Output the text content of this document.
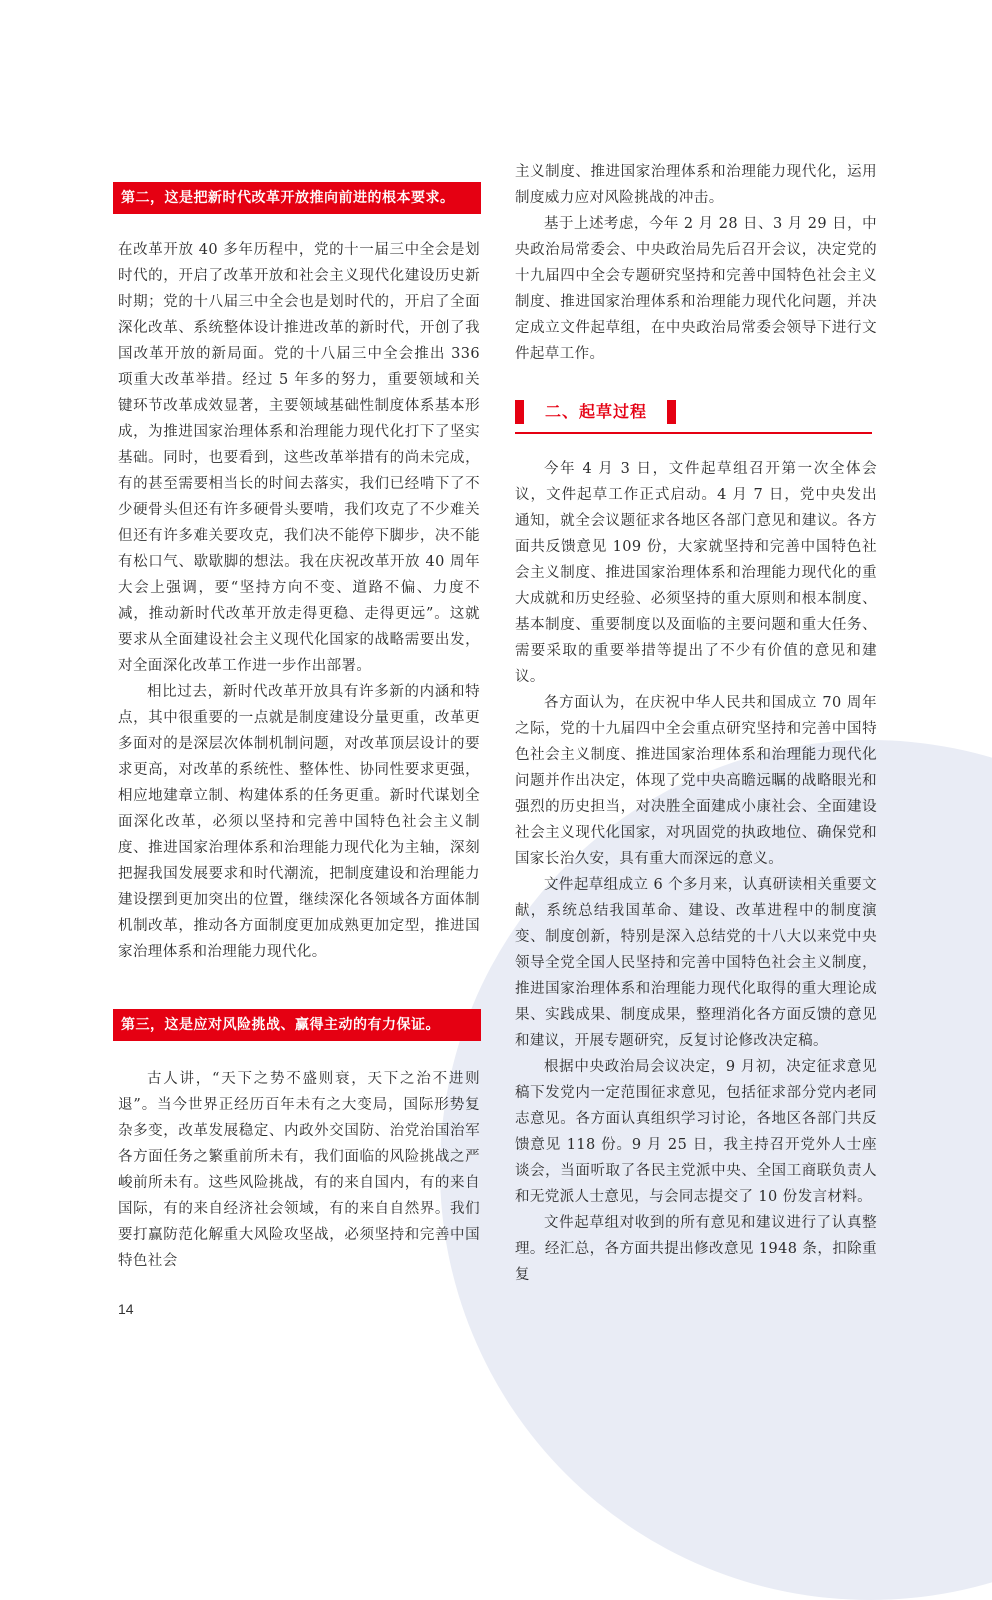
第二，这是把新时代改革开放推向前进的根本要求。

在改革开放 40 多年历程中，党的十一届三中全会是划时代的，开启了改革开放和社会主义现代化建设历史新时期；党的十八届三中全会也是划时代的，开启了全面深化改革、系统整体设计推进改革的新时代，开创了我国改革开放的新局面。党的十八届三中全会推出 336 项重大改革举措。经过 5 年多的努力，重要领域和关键环节改革成效显著，主要领域基础性制度体系基本形成，为推进国家治理体系和治理能力现代化打下了坚实基础。同时，也要看到，这些改革举措有的尚未完成，有的甚至需要相当长的时间去落实，我们已经啃下了不少硬骨头但还有许多硬骨头要啃，我们攻克了不少难关但还有许多难关要攻克，我们决不能停下脚步，决不能有松口气、歇歇脚的想法。我在庆祝改革开放 40 周年大会上强调，要“坚持方向不变、道路不偏、力度不减，推动新时代改革开放走得更稳、走得更远”。这就要求从全面建设社会主义现代化国家的战略需要出发，对全面深化改革工作进一步作出部署。

相比过去，新时代改革开放具有许多新的内涵和特点，其中很重要的一点就是制度建设分量更重，改革更多面对的是深层次体制机制问题，对改革顶层设计的要求更高，对改革的系统性、整体性、协同性要求更强，相应地建章立制、构建体系的任务更重。新时代谋划全面深化改革，必须以坚持和完善中国特色社会主义制度、推进国家治理体系和治理能力现代化为主轴，深刻把握我国发展要求和时代潮流，把制度建设和治理能力建设摆到更加突出的位置，继续深化各领域各方面体制机制改革，推动各方面制度更加成熟更加定型，推进国家治理体系和治理能力现代化。

第三，这是应对风险挑战、赢得主动的有力保证。

古人讲，“天下之势不盛则衰，天下之治不进则退”。当今世界正经历百年未有之大变局，国际形势复杂多变，改革发展稳定、内政外交国防、治党治国治军各方面任务之繁重前所未有，我们面临的风险挑战之严峻前所未有。这些风险挑战，有的来自国内，有的来自国际，有的来自经济社会领域，有的来自自然界。我们要打赢防范化解重大风险攻坚战，必须坚持和完善中国特色社会

主义制度、推进国家治理体系和治理能力现代化，运用制度威力应对风险挑战的冲击。

基于上述考虑，今年 2 月 28 日、3 月 29 日，中央政治局常委会、中央政治局先后召开会议，决定党的十九届四中全会专题研究坚持和完善中国特色社会主义制度、推进国家治理体系和治理能力现代化问题，并决定成立文件起草组，在中央政治局常委会领导下进行文件起草工作。

二、起草过程

今年 4 月 3 日，文件起草组召开第一次全体会议，文件起草工作正式启动。4 月 7 日，党中央发出通知，就全会议题征求各地区各部门意见和建议。各方面共反馈意见 109 份，大家就坚持和完善中国特色社会主义制度、推进国家治理体系和治理能力现代化的重大成就和历史经验、必须坚持的重大原则和根本制度、基本制度、重要制度以及面临的主要问题和重大任务、需要采取的重要举措等提出了不少有价值的意见和建议。

各方面认为，在庆祝中华人民共和国成立 70 周年之际，党的十九届四中全会重点研究坚持和完善中国特色社会主义制度、推进国家治理体系和治理能力现代化问题并作出决定，体现了党中央高瞻远瞩的战略眼光和强烈的历史担当，对决胜全面建成小康社会、全面建设社会主义现代化国家，对巩固党的执政地位、确保党和国家长治久安，具有重大而深远的意义。

文件起草组成立 6 个多月来，认真研读相关重要文献，系统总结我国革命、建设、改革进程中的制度演变、制度创新，特别是深入总结党的十八大以来党中央领导全党全国人民坚持和完善中国特色社会主义制度，推进国家治理体系和治理能力现代化取得的重大理论成果、实践成果、制度成果，整理消化各方面反馈的意见和建议，开展专题研究，反复讨论修改决定稿。

根据中央政治局会议决定，9 月初，决定征求意见稿下发党内一定范围征求意见，包括征求部分党内老同志意见。各方面认真组织学习讨论，各地区各部门共反馈意见 118 份。9 月 25 日，我主持召开党外人士座谈会，当面听取了各民主党派中央、全国工商联负责人和无党派人士意见，与会同志提交了 10 份发言材料。

文件起草组对收到的所有意见和建议进行了认真整理。经汇总，各方面共提出修改意见 1948 条，扣除重复

14
